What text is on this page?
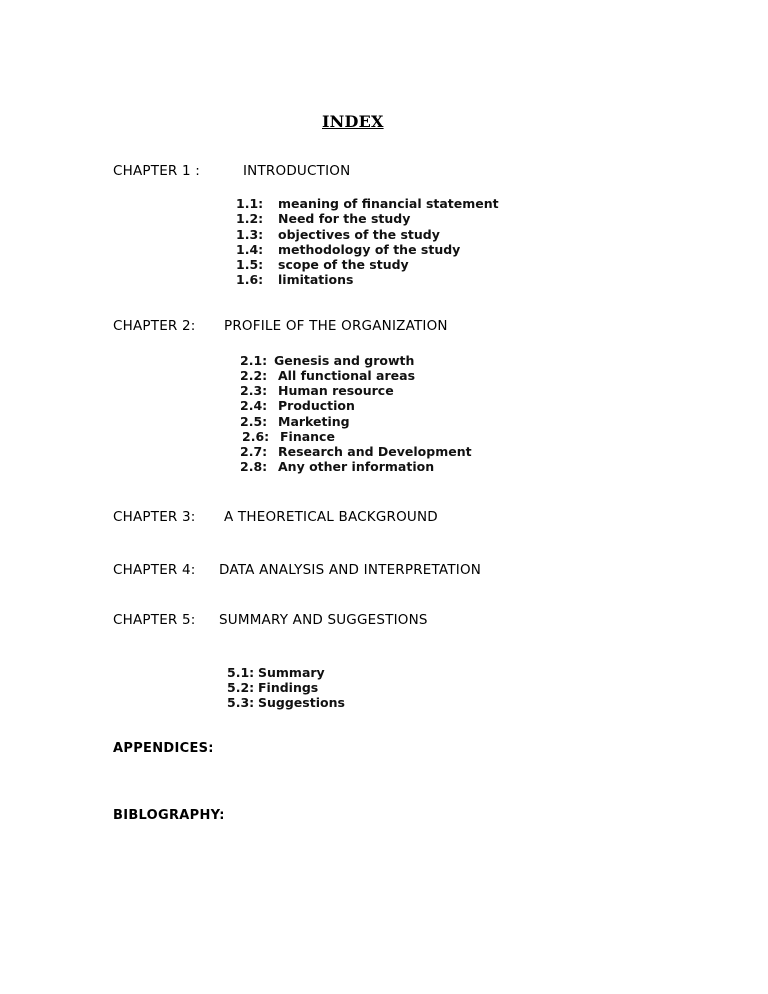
INDEX
CHAPTER 1 :	INTRODUCTION
1.1: meaning of financial statement
1.2: Need for the study
1.3: objectives of the study
1.4: methodology of the study
1.5: scope of the study
1.6: limitations
CHAPTER 2: PROFILE OF THE ORGANIZATION
2.1: Genesis and growth
2.2: All functional areas
2.3: Human resource
2.4: Production
2.5: Marketing
2.6: Finance
2.7: Research and Development
2.8: Any other information
CHAPTER 3: A THEORETICAL BACKGROUND
CHAPTER 4: DATA ANALYSIS AND INTERPRETATION
CHAPTER 5: SUMMARY AND SUGGESTIONS
5.1: Summary
5.2: Findings
5.3: Suggestions
APPENDICES:
BIBLOGRAPHY:
